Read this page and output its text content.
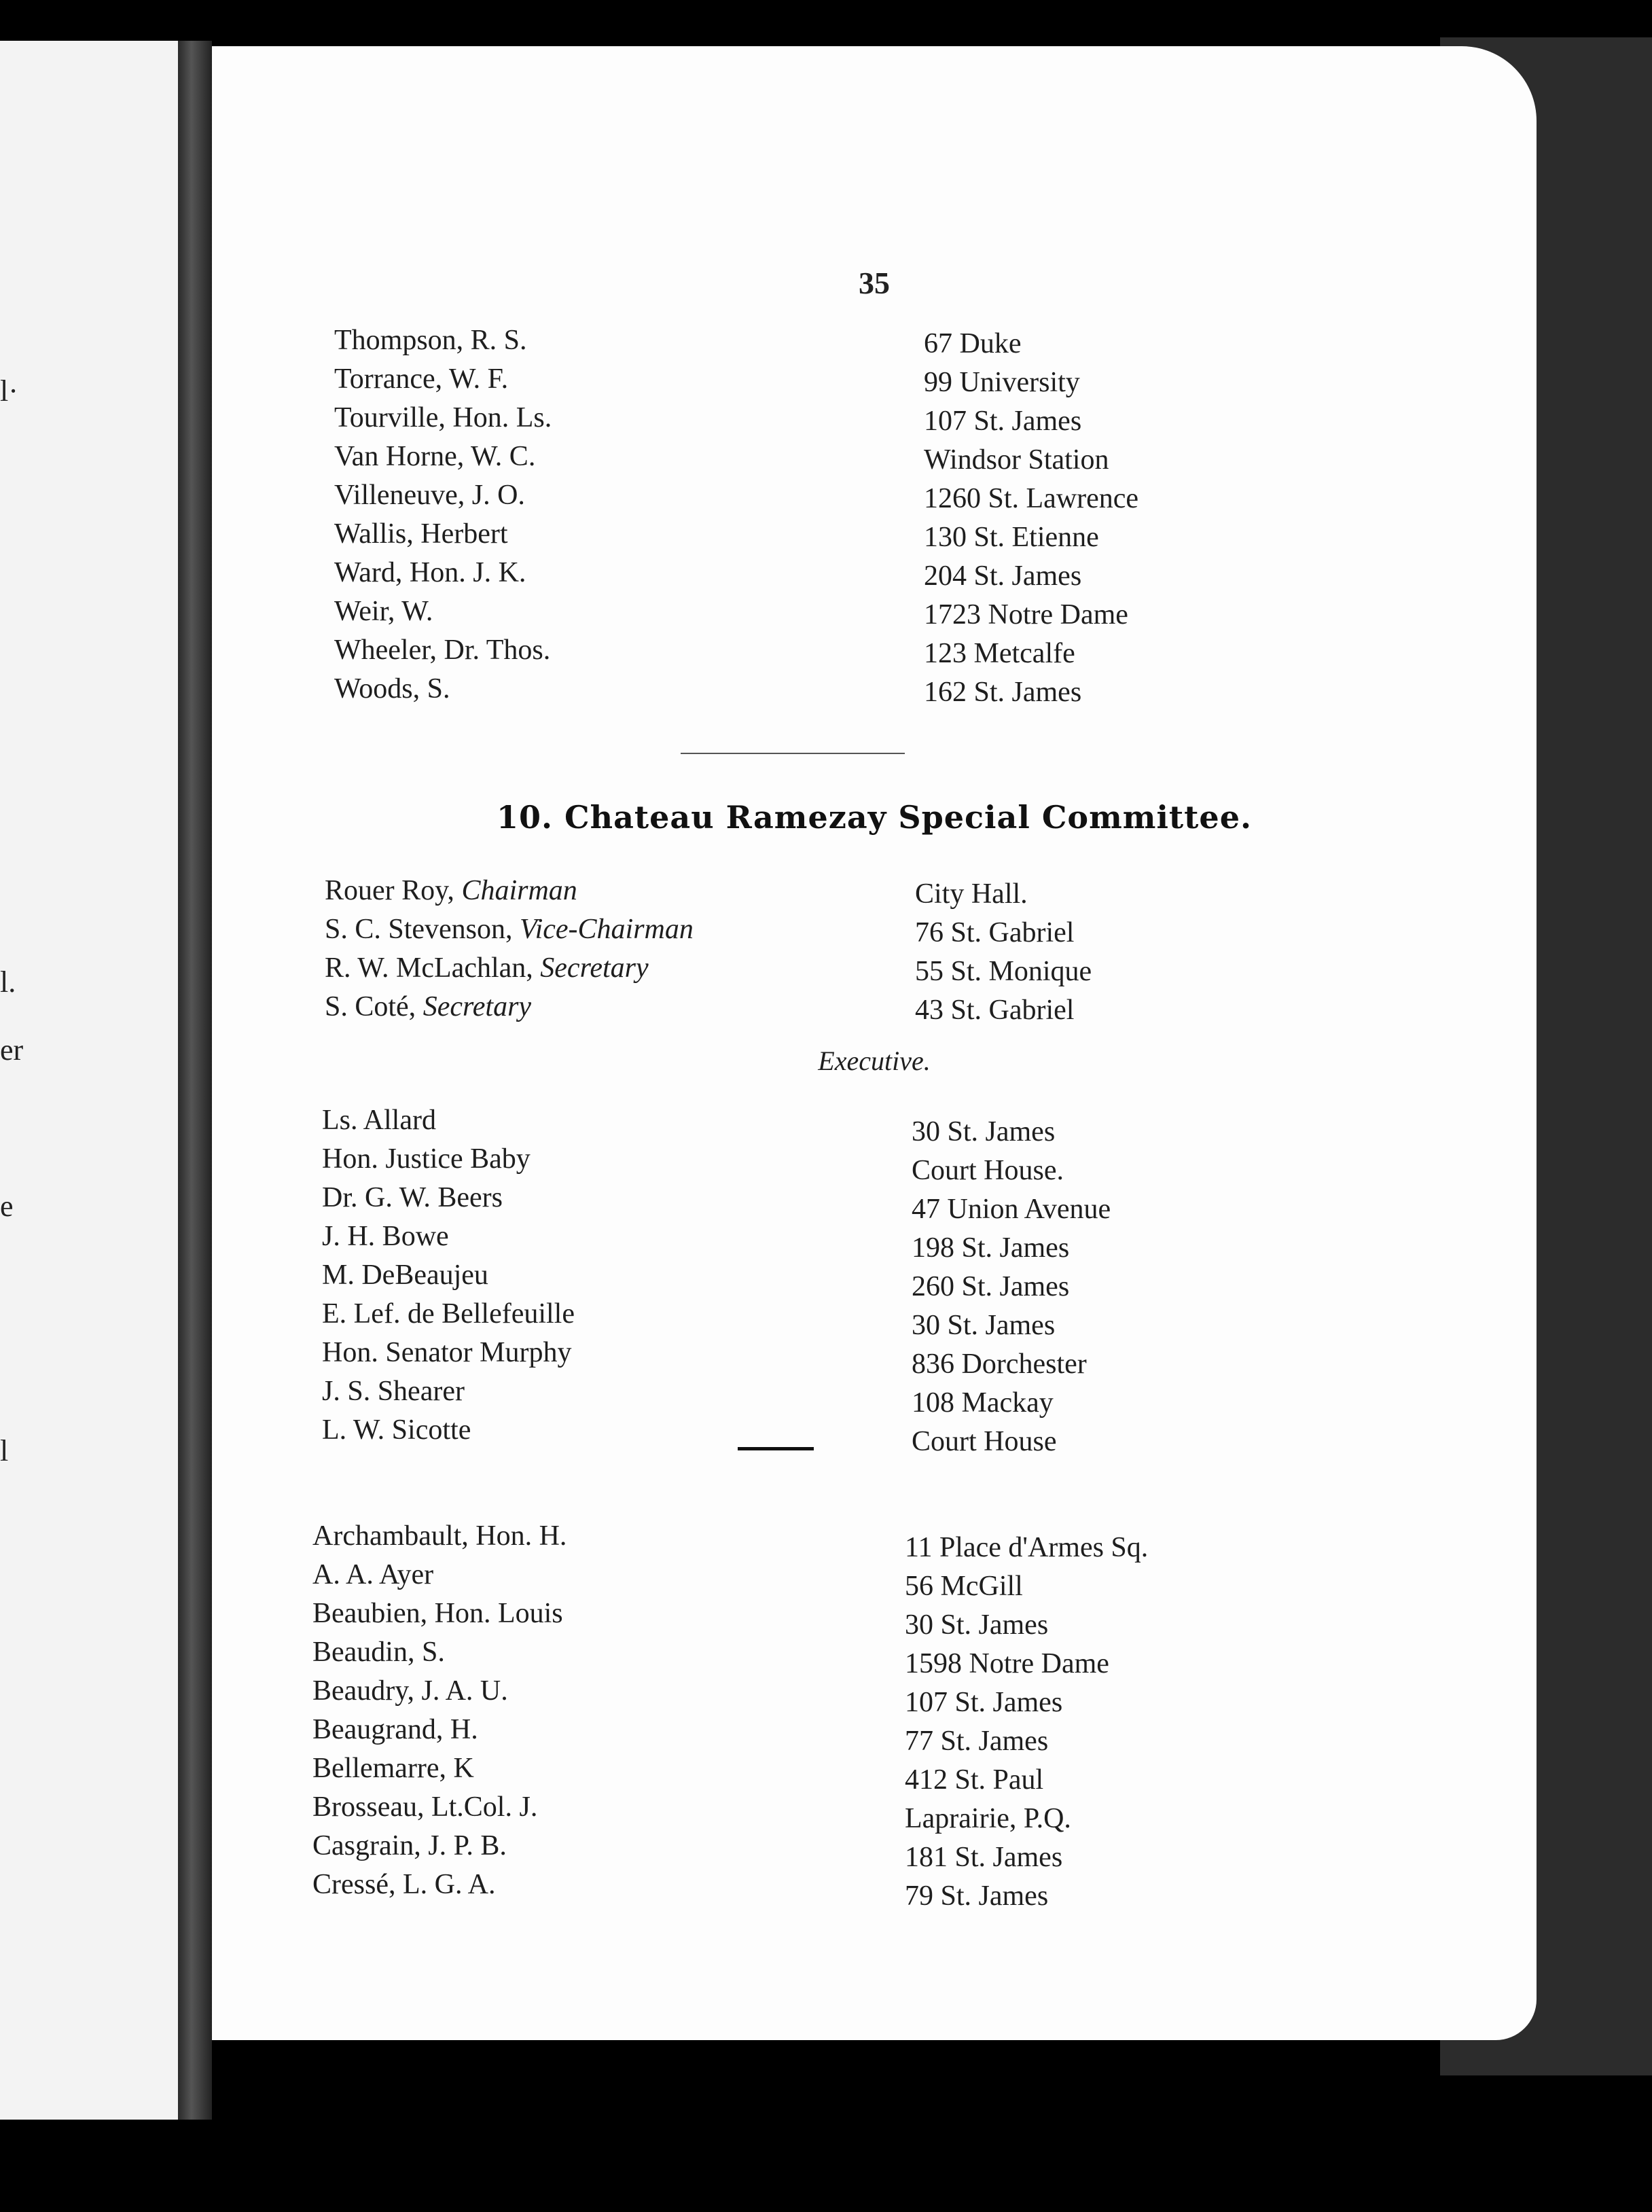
l·
l.
er
e
l
35
Thompson, R. S.
Torrance, W. F.
Tourville, Hon. Ls.
Van Horne, W. C.
Villeneuve, J. O.
Wallis, Herbert
Ward, Hon. J. K.
Weir, W.
Wheeler, Dr. Thos.
Woods, S.
67 Duke
99 University
107 St. James
Windsor Station
1260 St. Lawrence
130 St. Etienne
204 St. James
1723 Notre Dame
123 Metcalfe
162 St. James
10. Chateau Ramezay Special Committee.
Rouer Roy, Chairman
S. C. Stevenson, Vice-Chairman
R. W. McLachlan, Secretary
S. Coté, Secretary
City Hall.
76 St. Gabriel
55 St. Monique
43 St. Gabriel
Executive.
Ls. Allard
Hon. Justice Baby
Dr. G. W. Beers
J. H. Bowe
M. DeBeaujeu
E. Lef. de Bellefeuille
Hon. Senator Murphy
J. S. Shearer
L. W. Sicotte
30 St. James
Court House.
47 Union Avenue
198 St. James
260 St. James
30 St. James
836 Dorchester
108 Mackay
Court House
Archambault, Hon. H.
A. A. Ayer
Beaubien, Hon. Louis
Beaudin, S.
Beaudry, J. A. U.
Beaugrand, H.
Bellemarre, K
Brosseau, Lt.Col. J.
Casgrain, J. P. B.
Cressé, L. G. A.
11 Place d'Armes Sq.
56 McGill
30 St. James
1598 Notre Dame
107 St. James
77 St. James
412 St. Paul
Laprairie, P.Q.
181 St. James
79 St. James
